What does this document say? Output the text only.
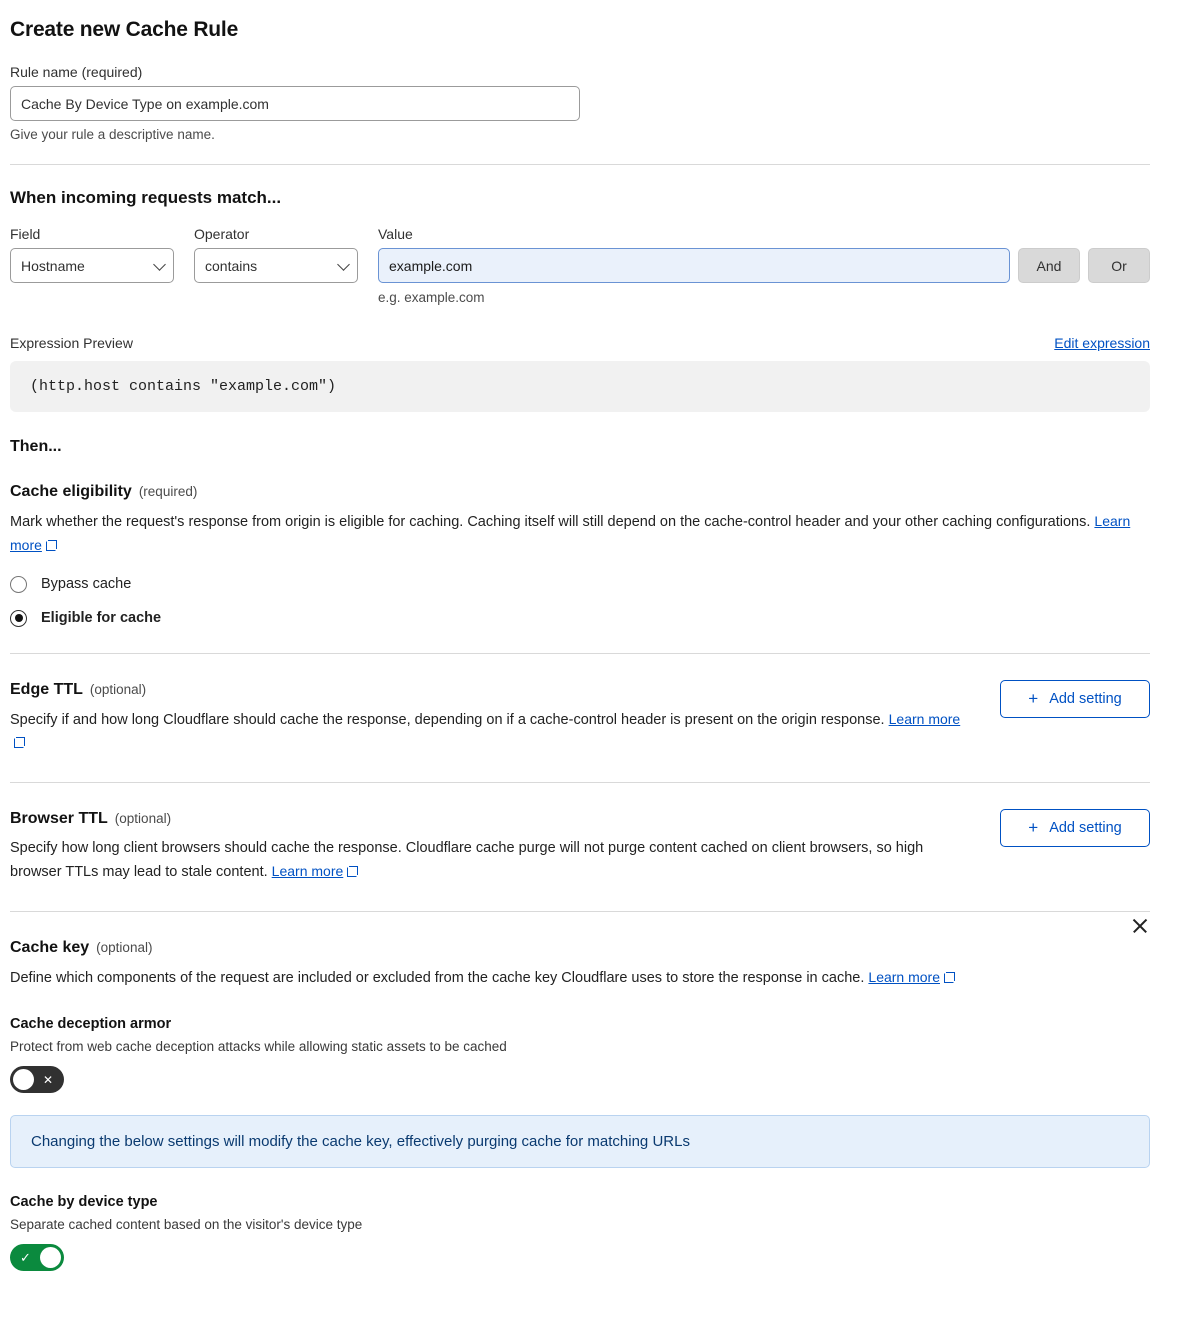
Create new Cache Rule
Rule name (required)
Cache By Device Type on example.com
Give your rule a descriptive name.
When incoming requests match...
Field
Hostname
Operator
contains
Value
example.com
e.g. example.com
And	Or
Expression Preview	Edit expression
(http.host contains "example.com")
Then...
Cache eligibility (required)
Mark whether the request's response from origin is eligible for caching. Caching itself will still depend on the cache-control header and your other caching configurations. Learn more
Bypass cache
Eligible for cache
Edge TTL (optional)
Specify if and how long Cloudflare should cache the response, depending on if a cache-control header is present on the origin response. Learn more
+ Add setting
Browser TTL (optional)
Specify how long client browsers should cache the response. Cloudflare cache purge will not purge content cached on client browsers, so high browser TTLs may lead to stale content. Learn more
+ Add setting
Cache key (optional)
Define which components of the request are included or excluded from the cache key Cloudflare uses to store the response in cache. Learn more
Cache deception armor
Protect from web cache deception attacks while allowing static assets to be cached
✕
Changing the below settings will modify the cache key, effectively purging cache for matching URLs
Cache by device type
Separate cached content based on the visitor's device type
✓
